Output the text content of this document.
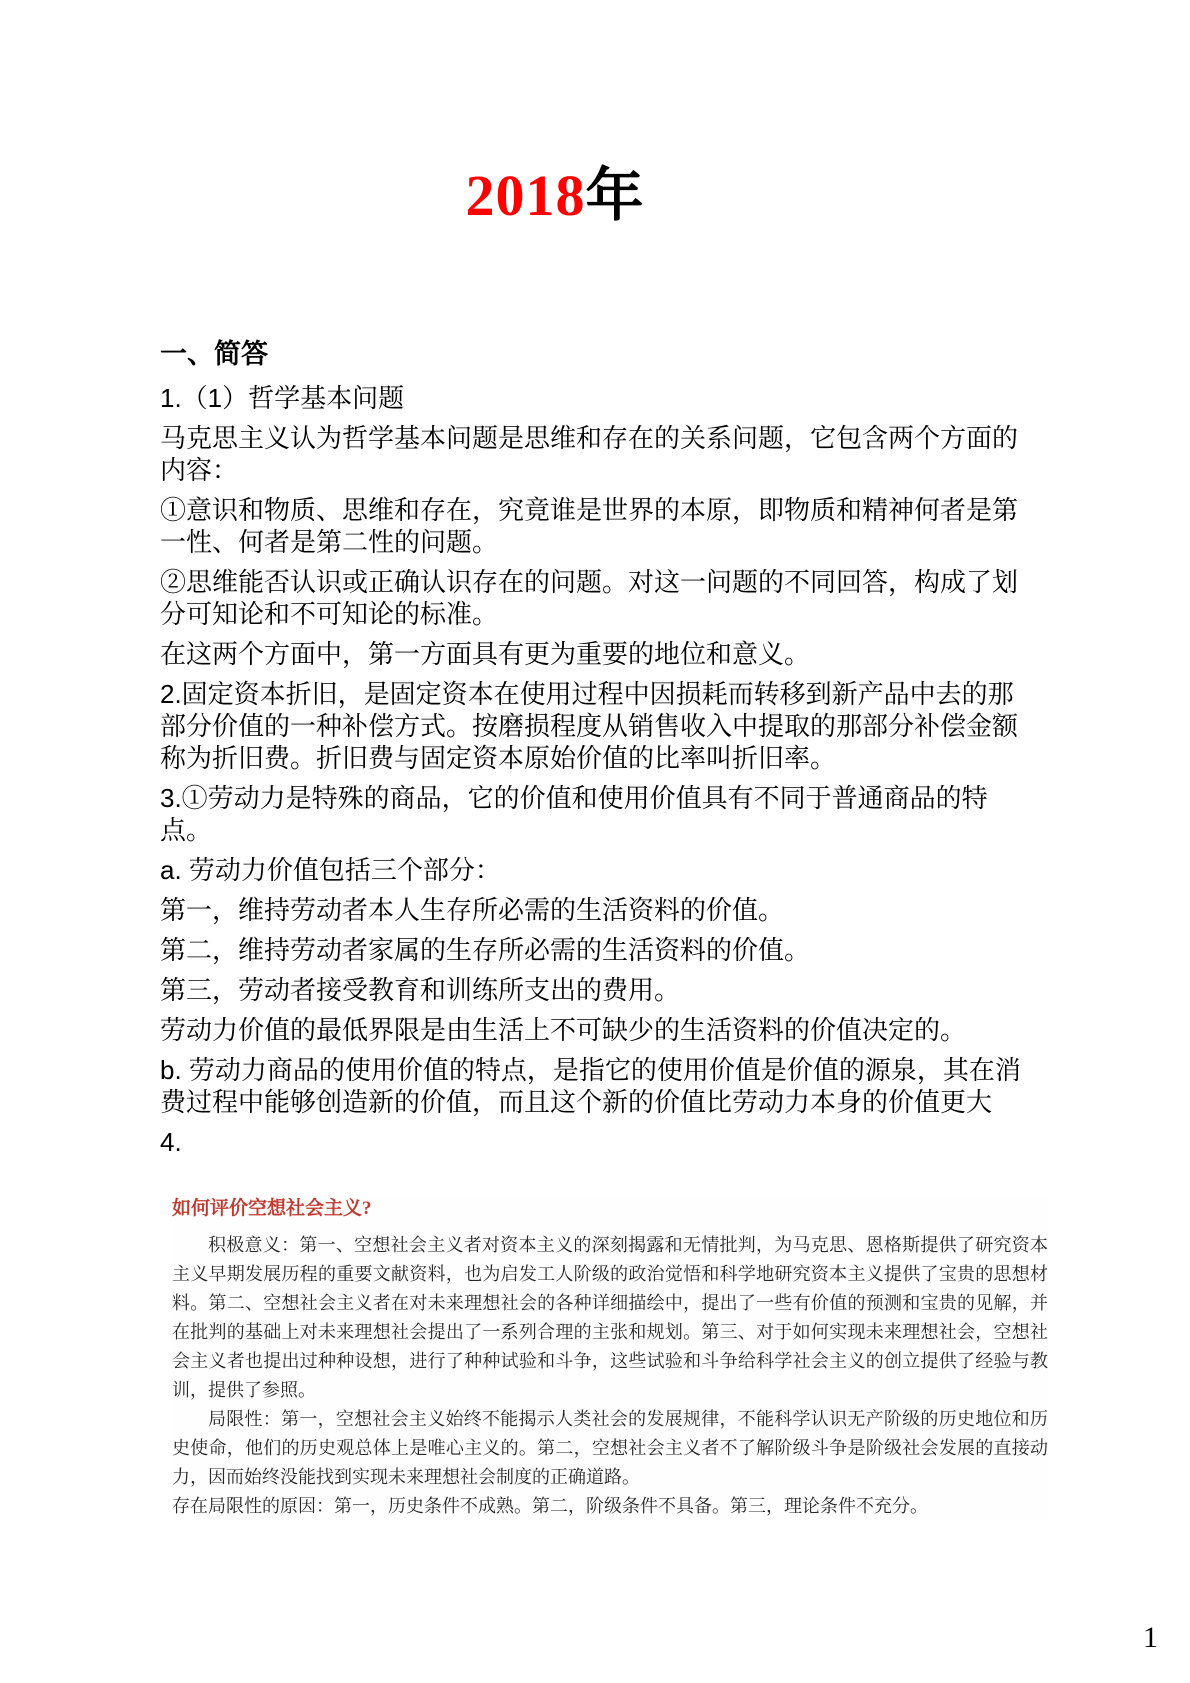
2018年
一、简答

1.（1）哲学基本问题

马克思主义认为哲学基本问题是思维和存在的关系问题，它包含两个方面的内容：

①意识和物质、思维和存在，究竟谁是世界的本原，即物质和精神何者是第一性、何者是第二性的问题。

②思维能否认识或正确认识存在的问题。对这一问题的不同回答，构成了划分可知论和不可知论的标准。

在这两个方面中，第一方面具有更为重要的地位和意义。

2.固定资本折旧，是固定资本在使用过程中因损耗而转移到新产品中去的那部分价值的一种补偿方式。按磨损程度从销售收入中提取的那部分补偿金额称为折旧费。折旧费与固定资本原始价值的比率叫折旧率。

3.①劳动力是特殊的商品，它的价值和使用价值具有不同于普通商品的特点。

a. 劳动力价值包括三个部分：

第一，维持劳动者本人生存所必需的生活资料的价值。

第二，维持劳动者家属的生存所必需的生活资料的价值。

第三，劳动者接受教育和训练所支出的费用。

劳动力价值的最低界限是由生活上不可缺少的生活资料的价值决定的。

b. 劳动力商品的使用价值的特点，是指它的使用价值是价值的源泉，其在消费过程中能够创造新的价值，而且这个新的价值比劳动力本身的价值更大

4.

如何评价空想社会主义?

积极意义：第一、空想社会主义者对资本主义的深刻揭露和无情批判，为马克思、恩格斯提供了研究资本主义早期发展历程的重要文献资料，也为启发工人阶级的政治觉悟和科学地研究资本主义提供了宝贵的思想材料。第二、空想社会主义者在对未来理想社会的各种详细描绘中，提出了一些有价值的预测和宝贵的见解，并在批判的基础上对未来理想社会提出了一系列合理的主张和规划。第三、对于如何实现未来理想社会，空想社会主义者也提出过种种设想，进行了种种试验和斗争，这些试验和斗争给科学社会主义的创立提供了经验与教训，提供了参照。

局限性：第一，空想社会主义始终不能揭示人类社会的发展规律，不能科学认识无产阶级的历史地位和历史使命，他们的历史观总体上是唯心主义的。第二，空想社会主义者不了解阶级斗争是阶级社会发展的直接动力，因而始终没能找到实现未来理想社会制度的正确道路。

存在局限性的原因：第一，历史条件不成熟。第二，阶级条件不具备。第三，理论条件不充分。

1
